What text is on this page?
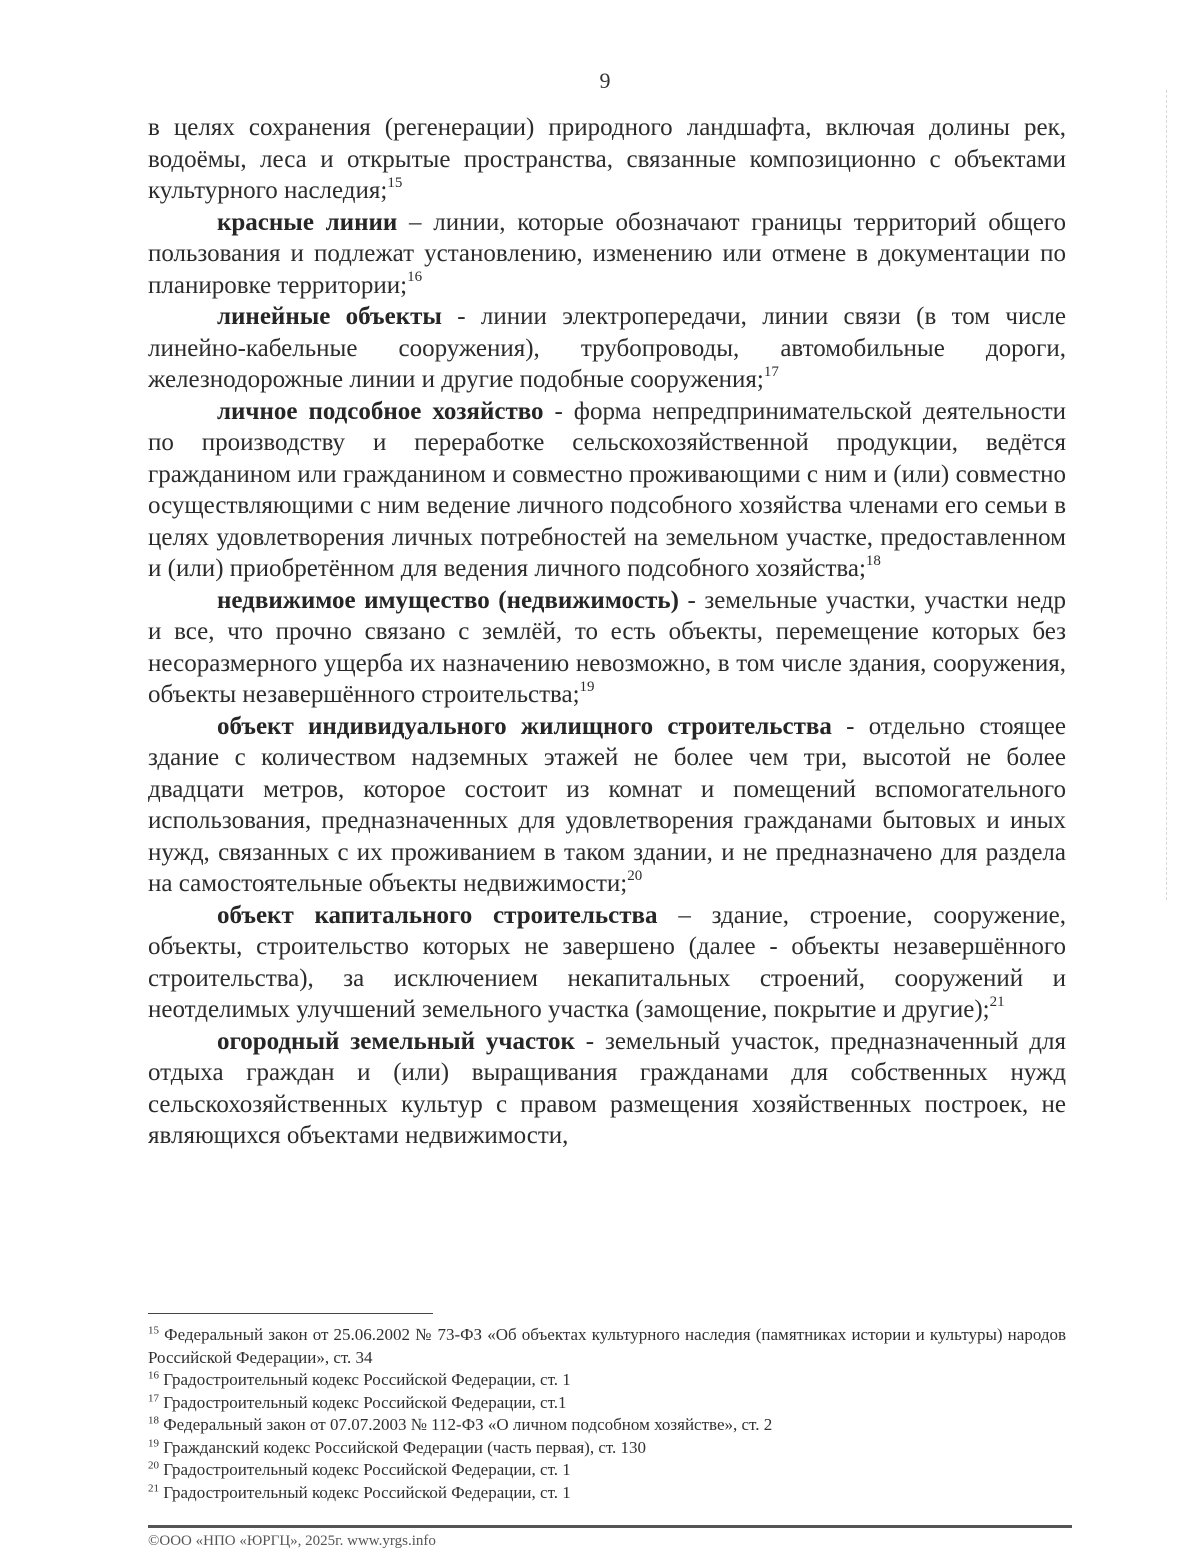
9

в целях сохранения (регенерации) природного ландшафта, включая долины рек, водоёмы, леса и открытые пространства, связанные композиционно с объектами культурного наследия;$^{15}$

красные линии – линии, которые обозначают границы территорий общего пользования и подлежат установлению, изменению или отмене в документации по планировке территории;$^{16}$

линейные объекты - линии электропередачи, линии связи (в том числе линейно-кабельные сооружения), трубопроводы, автомобильные дороги, железнодорожные линии и другие подобные сооружения;$^{17}$

личное подсобное хозяйство - форма непредпринимательской деятельности по производству и переработке сельскохозяйственной продукции, ведётся гражданином или гражданином и совместно проживающими с ним и (или) совместно осуществляющими с ним ведение личного подсобного хозяйства членами его семьи в целях удовлетворения личных потребностей на земельном участке, предоставленном и (или) приобретённом для ведения личного подсобного хозяйства;$^{18}$

недвижимое имущество (недвижимость) - земельные участки, участки недр и все, что прочно связано с землёй, то есть объекты, перемещение которых без несоразмерного ущерба их назначению невозможно, в том числе здания, сооружения, объекты незавершённого строительства;$^{19}$

объект индивидуального жилищного строительства - отдельно стоящее здание с количеством надземных этажей не более чем три, высотой не более двадцати метров, которое состоит из комнат и помещений вспомогательного использования, предназначенных для удовлетворения гражданами бытовых и иных нужд, связанных с их проживанием в таком здании, и не предназначено для раздела на самостоятельные объекты недвижимости;$^{20}$

объект капитального строительства – здание, строение, сооружение, объекты, строительство которых не завершено (далее - объекты незавершённого строительства), за исключением некапитальных строений, сооружений и неотделимых улучшений земельного участка (замощение, покрытие и другие);$^{21}$

огородный земельный участок - земельный участок, предназначенный для отдыха граждан и (или) выращивания гражданами для собственных нужд сельскохозяйственных культур с правом размещения хозяйственных построек, не являющихся объектами недвижимости,

$^{15}$ Федеральный закон от 25.06.2002 № 73-ФЗ «Об объектах культурного наследия (памятниках истории и культуры) народов Российской Федерации», ст. 34

$^{16}$ Градостроительный кодекс Российской Федерации, ст. 1

$^{17}$ Градостроительный кодекс Российской Федерации, ст.1

$^{18}$ Федеральный закон от 07.07.2003 № 112-ФЗ «О личном подсобном хозяйстве», ст. 2

$^{19}$ Гражданский кодекс Российской Федерации (часть первая), ст. 130

$^{20}$ Градостроительный кодекс Российской Федерации, ст. 1

$^{21}$ Градостроительный кодекс Российской Федерации, ст. 1

©ООО «НПО «ЮРГЦ», 2025г. www.yrgs.info
